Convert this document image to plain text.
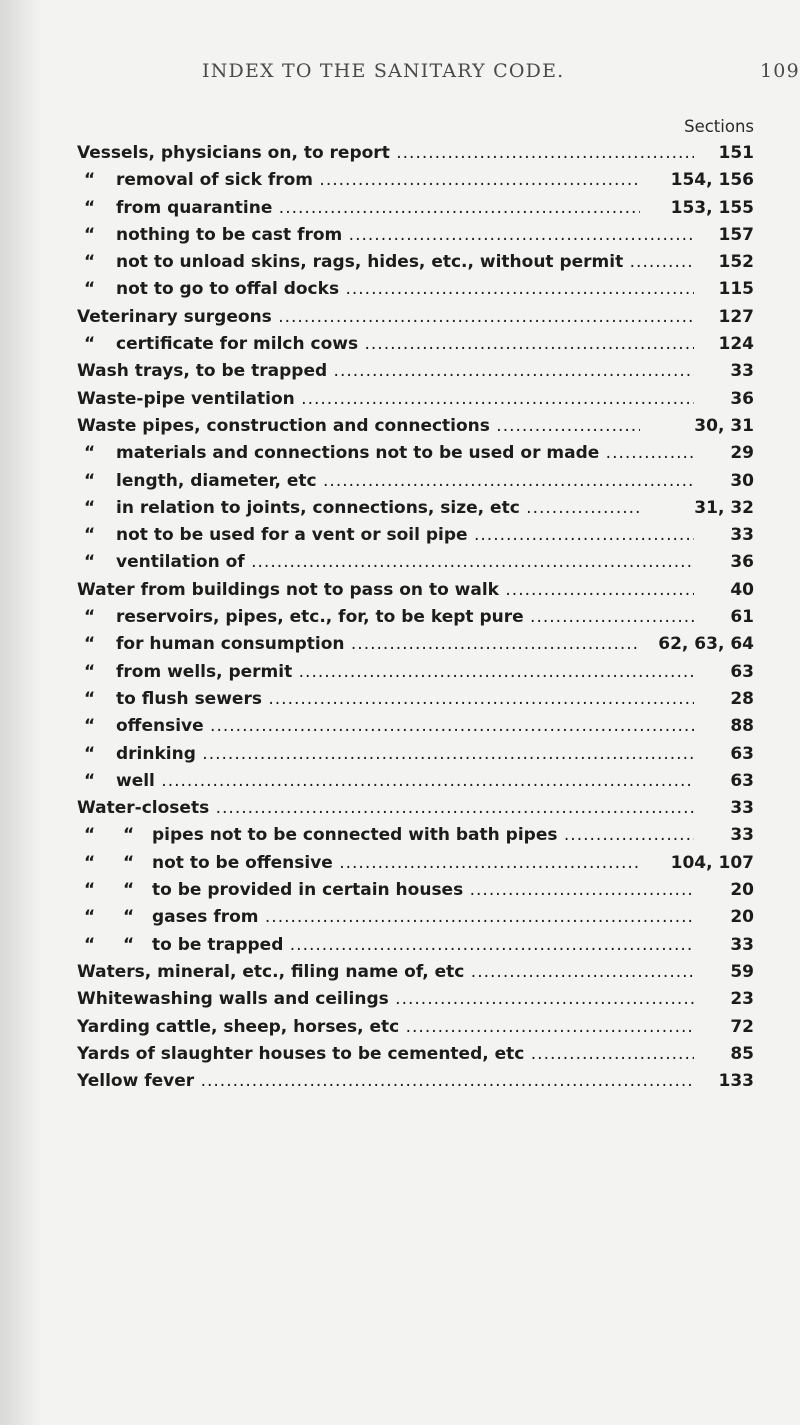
INDEX TO THE SANITARY CODE.	109
Sections
Vessels, physicians on, to report .....	151
“ removal of sick from .....	154, 156
“ from quarantine .....	153, 155
“ nothing to be cast from .....	157
“ not to unload skins, rags, hides, etc., without permit .....	152
“ not to go to offal docks .....	115
Veterinary surgeons .....	127
“ certificate for milch cows .....	124
Wash trays, to be trapped .....	33
Waste-pipe ventilation .....	36
Waste pipes, construction and connections .....	30, 31
“ materials and connections not to be used or made .....	29
“ length, diameter, etc .....	30
“ in relation to joints, connections, size, etc .....	31, 32
“ not to be used for a vent or soil pipe .....	33
“ ventilation of .....	36
Water from buildings not to pass on to walk .....	40
“ reservoirs, pipes, etc., for, to be kept pure .....	61
“ for human consumption .....	62, 63, 64
“ from wells, permit .....	63
“ to flush sewers .....	28
“ offensive .....	88
“ drinking .....	63
“ well .....	63
Water-closets .....	33
“ “ pipes not to be connected with bath pipes .....	33
“ “ not to be offensive .....	104, 107
“ “ to be provided in certain houses .....	20
“ “ gases from .....	20
“ “ to be trapped .....	33
Waters, mineral, etc., filing name of, etc .....	59
Whitewashing walls and ceilings .....	23
Yarding cattle, sheep, horses, etc .....	72
Yards of slaughter houses to be cemented, etc .....	85
Yellow fever .....	133
